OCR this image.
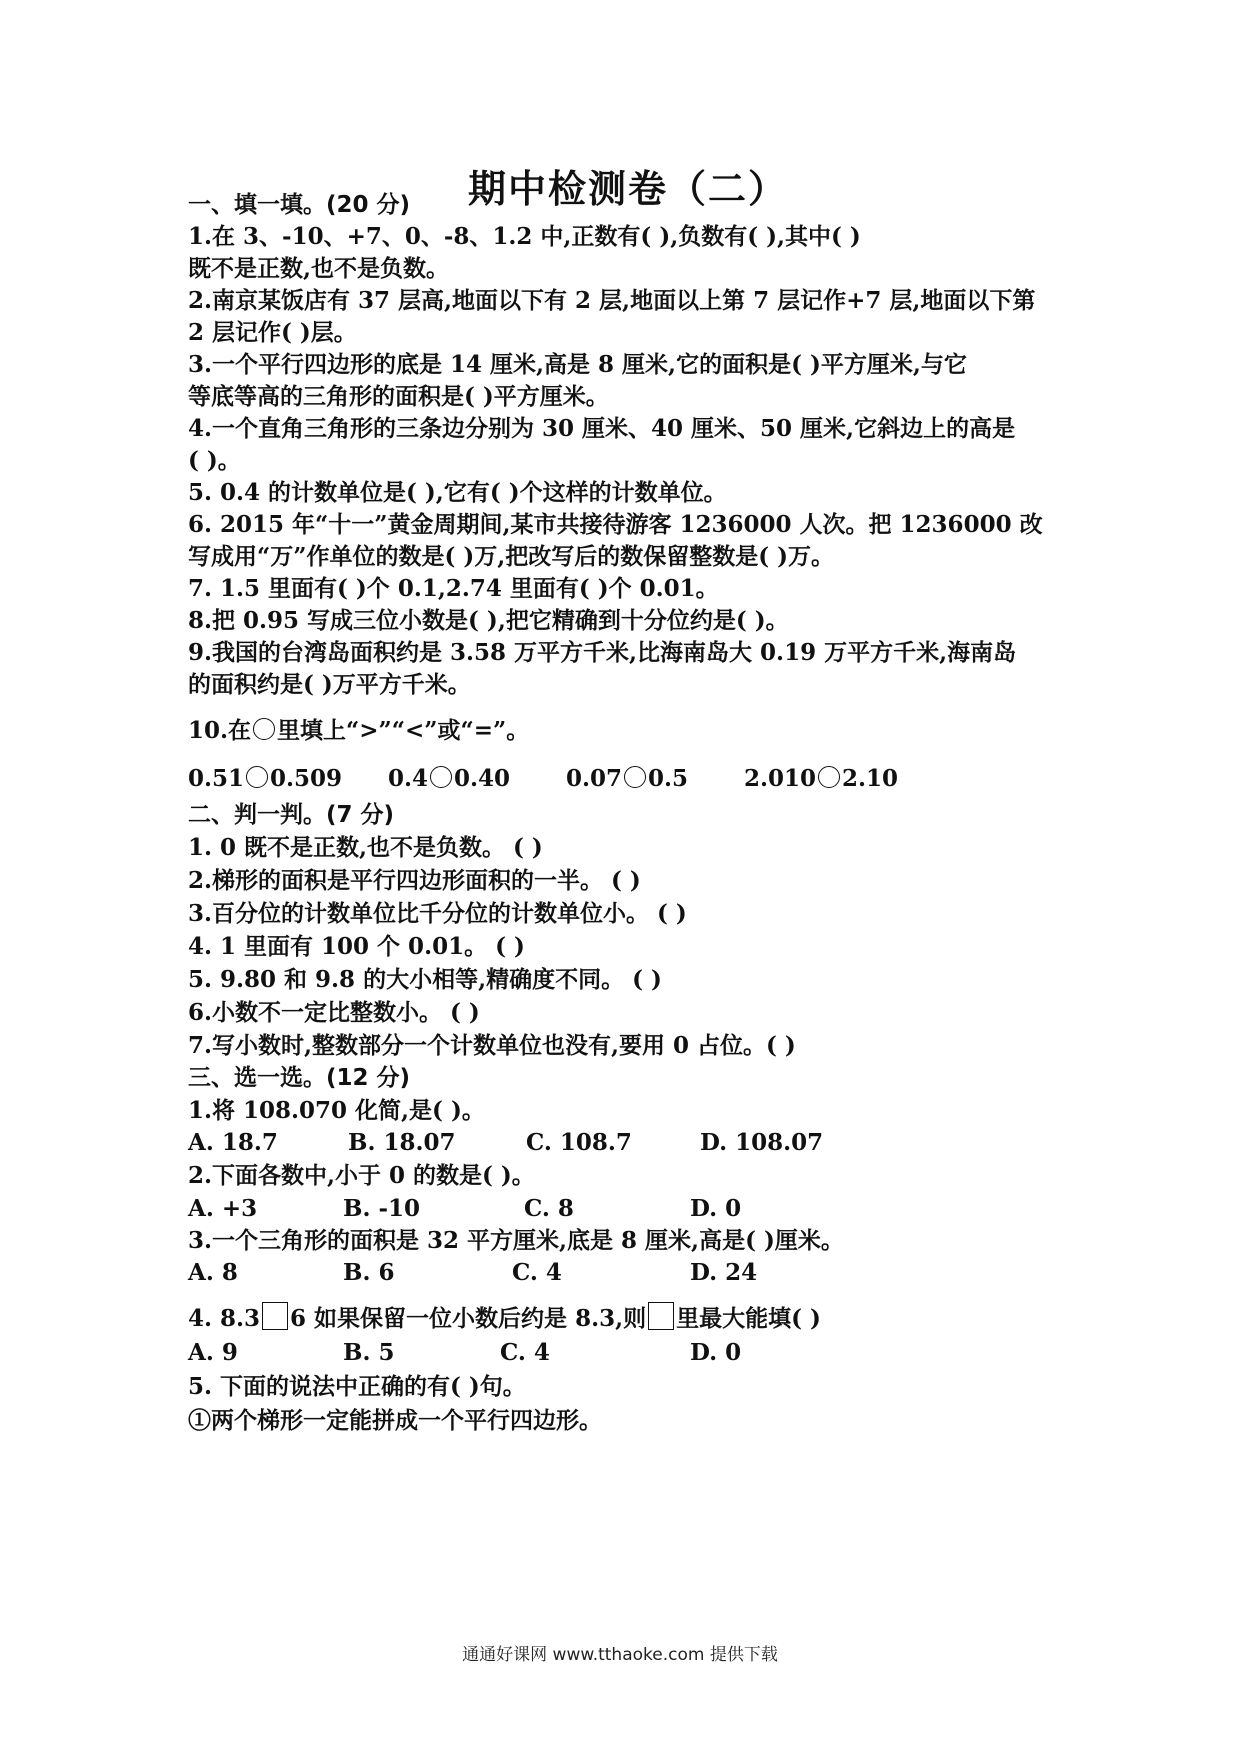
期中检测卷（二）
一、填一填。(20 分)
1.在 3、-10、+7、0、-8、1.2 中,正数有( ),负数有( ),其中( )
既不是正数,也不是负数。
2.南京某饭店有 37 层高,地面以下有 2 层,地面以上第 7 层记作+7 层,地面以下第
2 层记作( )层。
3.一个平行四边形的底是 14 厘米,高是 8 厘米,它的面积是( )平方厘米,与它
等底等高的三角形的面积是( )平方厘米。
4.一个直角三角形的三条边分别为 30 厘米、40 厘米、50 厘米,它斜边上的高是
( )。
5. 0.4 的计数单位是( ),它有( )个这样的计数单位。
6. 2015 年“十一”黄金周期间,某市共接待游客 1236000 人次。把 1236000 改
写成用“万”作单位的数是( )万,把改写后的数保留整数是( )万。
7. 1.5 里面有( )个 0.1,2.74 里面有( )个 0.01。
8.把 0.95 写成三位小数是( ),把它精确到十分位约是( )。
9.我国的台湾岛面积约是 3.58 万平方千米,比海南岛大 0.19 万平方千米,海南岛
的面积约是( )万平方千米。
10.在 里填上“>”“<”或“=”。
0.51 0.509 0.4 0.40 0.07 0.5 2.010 2.10
二、判一判。(7 分)
1. 0 既不是正数,也不是负数。 ( )
2.梯形的面积是平行四边形面积的一半。 ( )
3.百分位的计数单位比千分位的计数单位小。 ( )
4. 1 里面有 100 个 0.01。 ( )
5. 9.80 和 9.8 的大小相等,精确度不同。 ( )
6.小数不一定比整数小。 ( )
7.写小数时,整数部分一个计数单位也没有,要用 0 占位。( )
三、选一选。(12 分)
1.将 108.070 化简,是( )。
A. 18.7	B. 18.07	C. 108.7	D. 108.07
2.下面各数中,小于 0 的数是( )。
A. +3	B. -10	C. 8	D. 0
3.一个三角形的面积是 32 平方厘米,底是 8 厘米,高是( )厘米。
A. 8	B. 6	C. 4	D. 24
4. 8.3 6 如果保留一位小数后约是 8.3,则 里最大能填( )
A. 9	B. 5	C. 4	D. 0
5. 下面的说法中正确的有( )句。
①两个梯形一定能拼成一个平行四边形。
通通好课网 www.tthaoke.com 提供下载
